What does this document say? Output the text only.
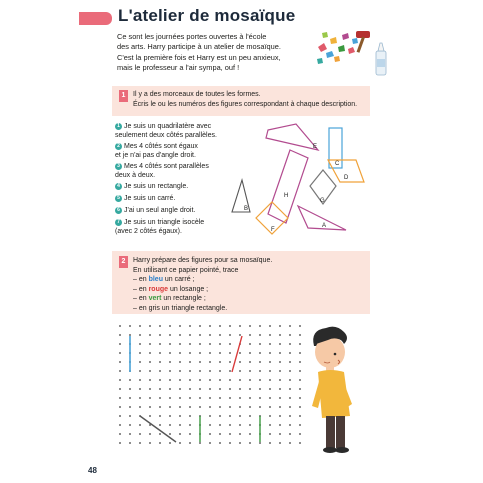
L'atelier de mosaïque
Ce sont les journées portes ouvertes à l'école
des arts. Harry participe à un atelier de mosaïque.
C'est la première fois et Harry est un peu anxieux,
mais le professeur a l'air sympa, ouf !
1	Il y a des morceaux de toutes les formes.
Écris le ou les numéros des figures correspondant à chaque description.
1 Je suis un quadrilatère avec
seulement deux côtés parallèles.
2 Mes 4 côtés sont égaux
et je n'ai pas d'angle droit.
3 Mes 4 côtés sont parallèles
deux à deux.
4 Je suis un rectangle.
5 Je suis un carré.
6 J'ai un seul angle droit.
7 Je suis un triangle isocèle
(avec 2 côtés égaux).
E
C
H
D
G
B
F
A
2	Harry prépare des figures pour sa mosaïque.
En utilisant ce papier pointé, trace
– en bleu un carré ;
– en rouge un losange ;
– en vert un rectangle ;
– en gris un triangle rectangle.
48
